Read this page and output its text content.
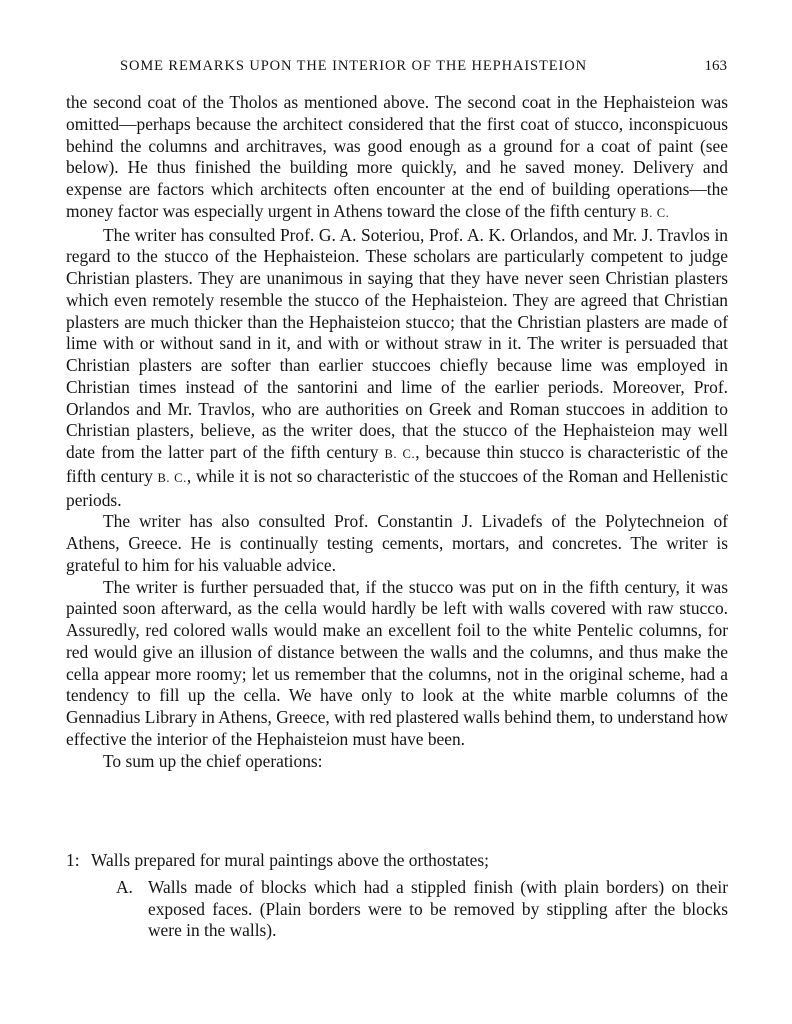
SOME REMARKS UPON THE INTERIOR OF THE HEPHAISTEION	163

the second coat of the Tholos as mentioned above. The second coat in the Hephaisteion was omitted—perhaps because the architect considered that the first coat of stucco, inconspicuous behind the columns and architraves, was good enough as a ground for a coat of paint (see below). He thus finished the building more quickly, and he saved money. Delivery and expense are factors which architects often encounter at the end of building operations—the money factor was especially urgent in Athens toward the close of the fifth century B. C.

The writer has consulted Prof. G. A. Soteriou, Prof. A. K. Orlandos, and Mr. J. Travlos in regard to the stucco of the Hephaisteion. These scholars are particularly competent to judge Christian plasters. They are unanimous in saying that they have never seen Christian plasters which even remotely resemble the stucco of the Hephaisteion. They are agreed that Christian plasters are much thicker than the Hephaisteion stucco; that the Christian plasters are made of lime with or without sand in it, and with or without straw in it. The writer is persuaded that Christian plasters are softer than earlier stuccoes chiefly because lime was employed in Christian times instead of the santorini and lime of the earlier periods. Moreover, Prof. Orlandos and Mr. Travlos, who are authorities on Greek and Roman stuccoes in addition to Christian plasters, believe, as the writer does, that the stucco of the Hephaisteion may well date from the latter part of the fifth century B. C., because thin stucco is characteristic of the fifth century B. C., while it is not so characteristic of the stuccoes of the Roman and Hellenistic periods.

The writer has also consulted Prof. Constantin J. Livadefs of the Polytechneion of Athens, Greece. He is continually testing cements, mortars, and concretes. The writer is grateful to him for his valuable advice.

The writer is further persuaded that, if the stucco was put on in the fifth century, it was painted soon afterward, as the cella would hardly be left with walls covered with raw stucco. Assuredly, red colored walls would make an excellent foil to the white Pentelic columns, for red would give an illusion of distance between the walls and the columns, and thus make the cella appear more roomy; let us remember that the columns, not in the original scheme, had a tendency to fill up the cella. We have only to look at the white marble columns of the Gennadius Library in Athens, Greece, with red plastered walls behind them, to understand how effective the interior of the Hephaisteion must have been.

To sum up the chief operations:

1: Walls prepared for mural paintings above the orthostates;
A. Walls made of blocks which had a stippled finish (with plain borders) on their exposed faces. (Plain borders were to be removed by stippling after the blocks were in the walls).
